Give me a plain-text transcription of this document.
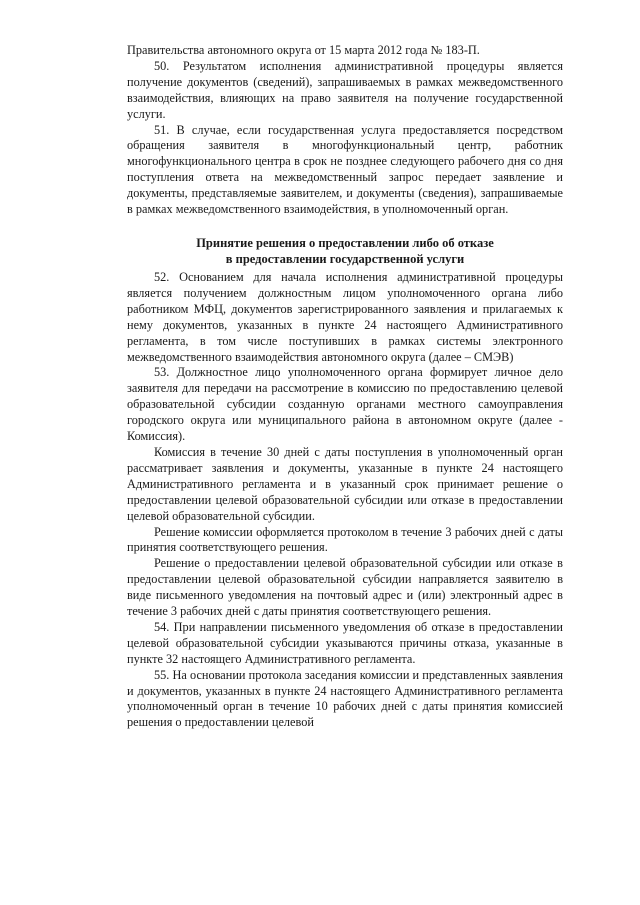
Правительства автономного округа от 15 марта 2012 года № 183-П.

50. Результатом исполнения административной процедуры является получение документов (сведений), запрашиваемых в рамках межведомственного взаимодействия, влияющих на право заявителя на получение государственной услуги.

51. В случае, если государственная услуга предоставляется посредством обращения заявителя в многофункциональный центр, работник многофункционального центра в срок не позднее следующего рабочего дня со дня поступления ответа на межведомственный запрос передает заявление и документы, представляемые заявителем, и документы (сведения), запрашиваемые в рамках межведомственного взаимодействия, в уполномоченный орган.

Принятие решения о предоставлении либо об отказе
в предоставлении государственной услуги

52. Основанием для начала исполнения административной процедуры является получением должностным лицом уполномоченного органа либо работником МФЦ, документов зарегистрированного заявления и прилагаемых к нему документов, указанных в пункте 24 настоящего Административного регламента, в том числе поступивших в рамках системы электронного межведомственного взаимодействия автономного округа (далее – СМЭВ)

53. Должностное лицо уполномоченного органа формирует личное дело заявителя для передачи на рассмотрение в комиссию по предоставлению целевой образовательной субсидии созданную органами местного самоуправления городского округа или муниципального района в автономном округе (далее - Комиссия).

Комиссия в течение 30 дней с даты поступления в уполномоченный орган рассматривает заявления и документы, указанные в пункте 24 настоящего Административного регламента и в указанный срок принимает решение о предоставлении целевой образовательной субсидии или отказе в предоставлении целевой образовательной субсидии.

Решение комиссии оформляется протоколом в течение 3 рабочих дней с даты принятия соответствующего решения.

Решение о предоставлении целевой образовательной субсидии или отказе в предоставлении целевой образовательной субсидии направляется заявителю в виде письменного уведомления на почтовый адрес и (или) электронный адрес в течение 3 рабочих дней с даты принятия соответствующего решения.

54. При направлении письменного уведомления об отказе в предоставлении целевой образовательной субсидии указываются причины отказа, указанные в пункте 32 настоящего Административного регламента.

55. На основании протокола заседания комиссии и представленных заявления и документов, указанных в пункте 24 настоящего Административного регламента уполномоченный орган в течение 10 рабочих дней с даты принятия комиссией решения о предоставлении целевой
